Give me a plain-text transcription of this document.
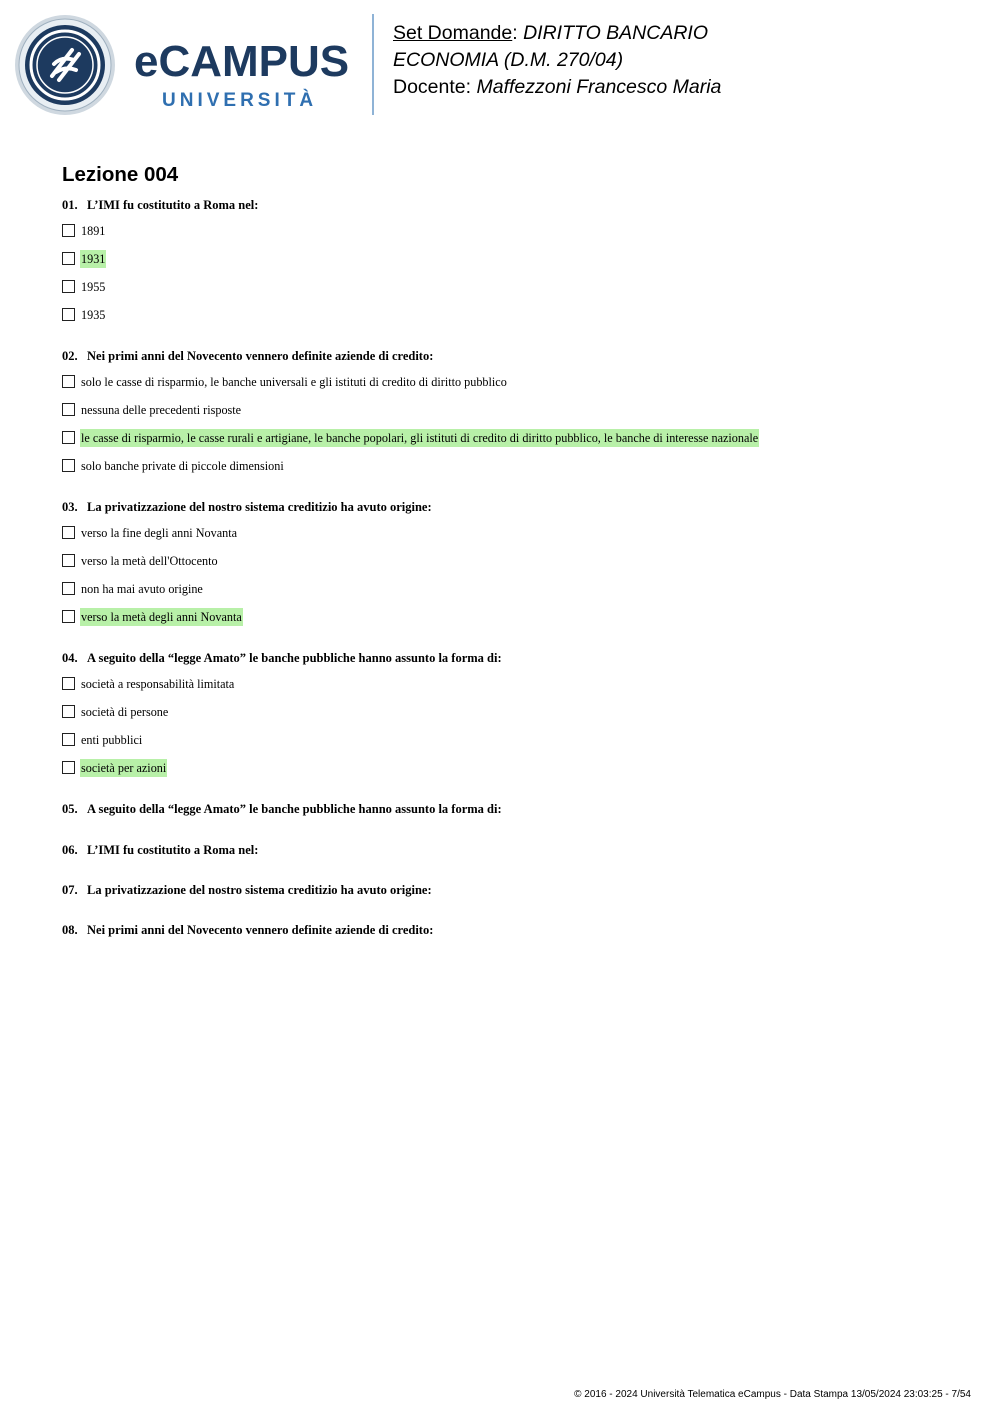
eCAMPUS
UNIVERSITÀ
Set Domande: DIRITTO BANCARIO
ECONOMIA (D.M. 270/04)
Docente: Maffezzoni Francesco Maria
Lezione 004
01. L’IMI fu costitutito a Roma nel:
1891
1931
1955
1935
02. Nei primi anni del Novecento vennero definite aziende di credito:
solo le casse di risparmio, le banche universali e gli istituti di credito di diritto pubblico
nessuna delle precedenti risposte
le casse di risparmio, le casse rurali e artigiane, le banche popolari, gli istituti di credito di diritto pubblico, le banche di interesse nazionale
solo banche private di piccole dimensioni
03. La privatizzazione del nostro sistema creditizio ha avuto origine:
verso la fine degli anni Novanta
verso la metà dell'Ottocento
non ha mai avuto origine
verso la metà degli anni Novanta
04. A seguito della “legge Amato” le banche pubbliche hanno assunto la forma di:
società a responsabilità limitata
società di persone
enti pubblici
società per azioni
05. A seguito della “legge Amato” le banche pubbliche hanno assunto la forma di:
06. L’IMI fu costitutito a Roma nel:
07. La privatizzazione del nostro sistema creditizio ha avuto origine:
08. Nei primi anni del Novecento vennero definite aziende di credito:
© 2016 - 2024 Università Telematica eCampus - Data Stampa 13/05/2024 23:03:25 - 7/54
